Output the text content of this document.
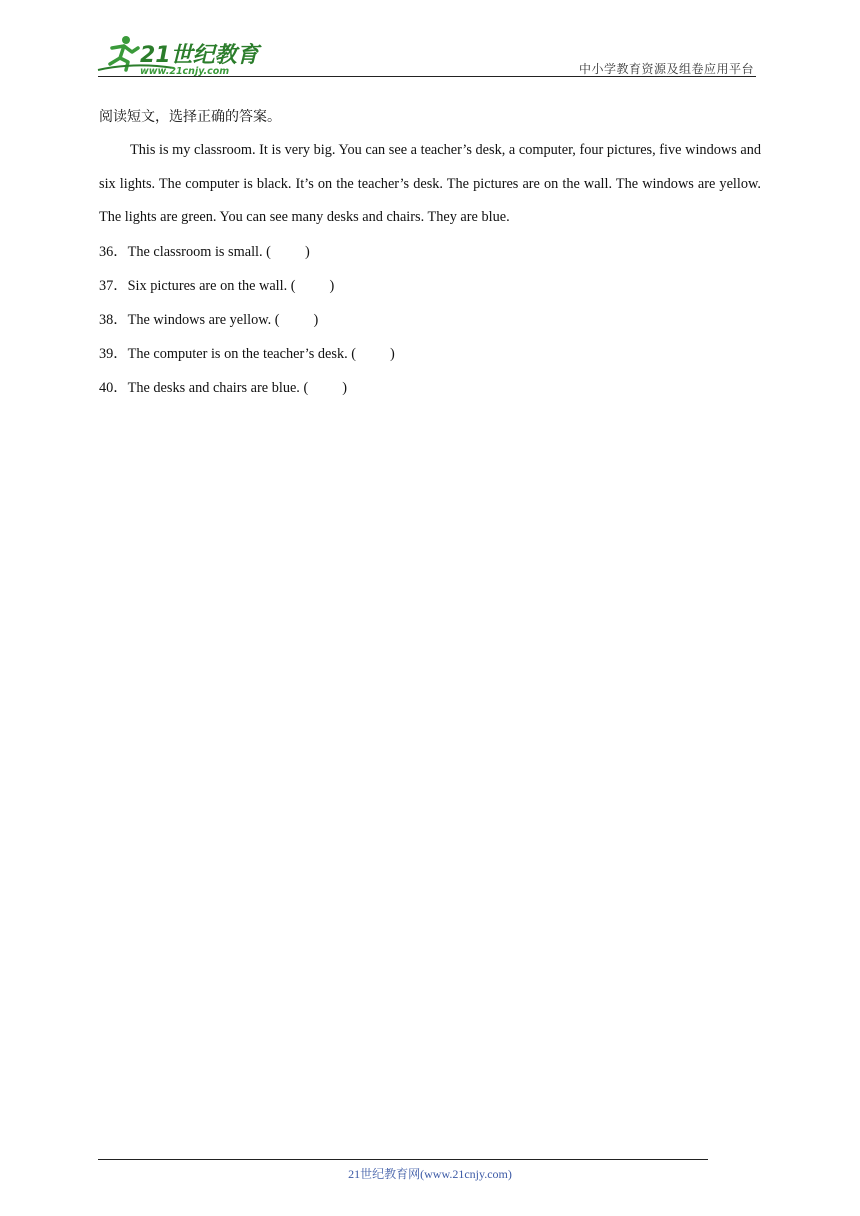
21世纪教育
www.21cnjy.com	中小学教育资源及组卷应用平台

阅读短文，选择正确的答案。

This is my classroom. It is very big. You can see a teacher’s desk, a computer, four pictures, five windows and six lights. The computer is black. It’s on the teacher’s desk. The pictures are on the wall. The windows are yellow. The lights are green. You can see many desks and chairs. They are blue.

36．The classroom is small. ( )

37．Six pictures are on the wall. ( )

38．The windows are yellow. ( )

39．The computer is on the teacher’s desk. ( )

40．The desks and chairs are blue. ( )

21世纪教育网(www.21cnjy.com)
